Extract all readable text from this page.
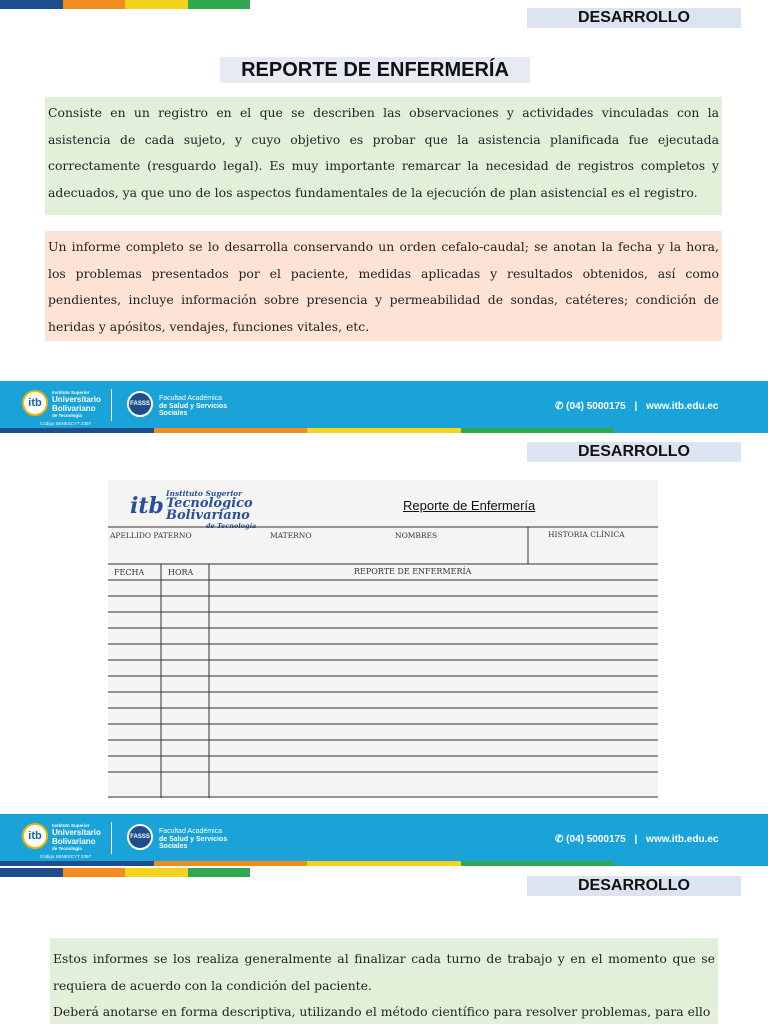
DESARROLLO
REPORTE DE ENFERMERÍA
Consiste en un registro en el que se describen las observaciones y actividades vinculadas con la asistencia de cada sujeto, y cuyo objetivo es probar que la asistencia planificada fue ejecutada correctamente (resguardo legal). Es muy importante remarcar la necesidad de registros completos y adecuados, ya que uno de los aspectos fundamentales de la ejecución de plan asistencial es el registro.
Un informe completo se lo desarrolla conservando un orden cefalo-caudal; se anotan la fecha y la hora, los problemas presentados por el paciente, medidas aplicadas y resultados obtenidos, así como pendientes, incluye información sobre presencia y permeabilidad de sondas, catéteres; condición de heridas y apósitos, vendajes, funciones vitales, etc.
itb
Instituto Superior
Universitario
Bolivariano
de Tecnología
Código SENESCYT 2397
FASSS
Facultad Académica
de Salud y Servicios
Sociales
✆ (04) 5000175 | www.itb.edu.ec
DESARROLLO
itb Instituto Superior
Tecnológico
Bolivariano
de Tecnología
Reporte de Enfermería
APELLIDO PATERNO	MATERNO	NOMBRES	HISTORIA CLÍNICA
FECHA	HORA	REPORTE DE ENFERMERÍA
itb
Instituto Superior
Universitario
Bolivariano
de Tecnología
Código SENESCYT 2397
FASSS
Facultad Académica
de Salud y Servicios
Sociales
✆ (04) 5000175 | www.itb.edu.ec
DESARROLLO
Estos informes se los realiza generalmente al finalizar cada turno de trabajo y en el momento que se requiera de acuerdo con la condición del paciente.
Deberá anotarse en forma descriptiva, utilizando el método científico para resolver problemas, para ello
